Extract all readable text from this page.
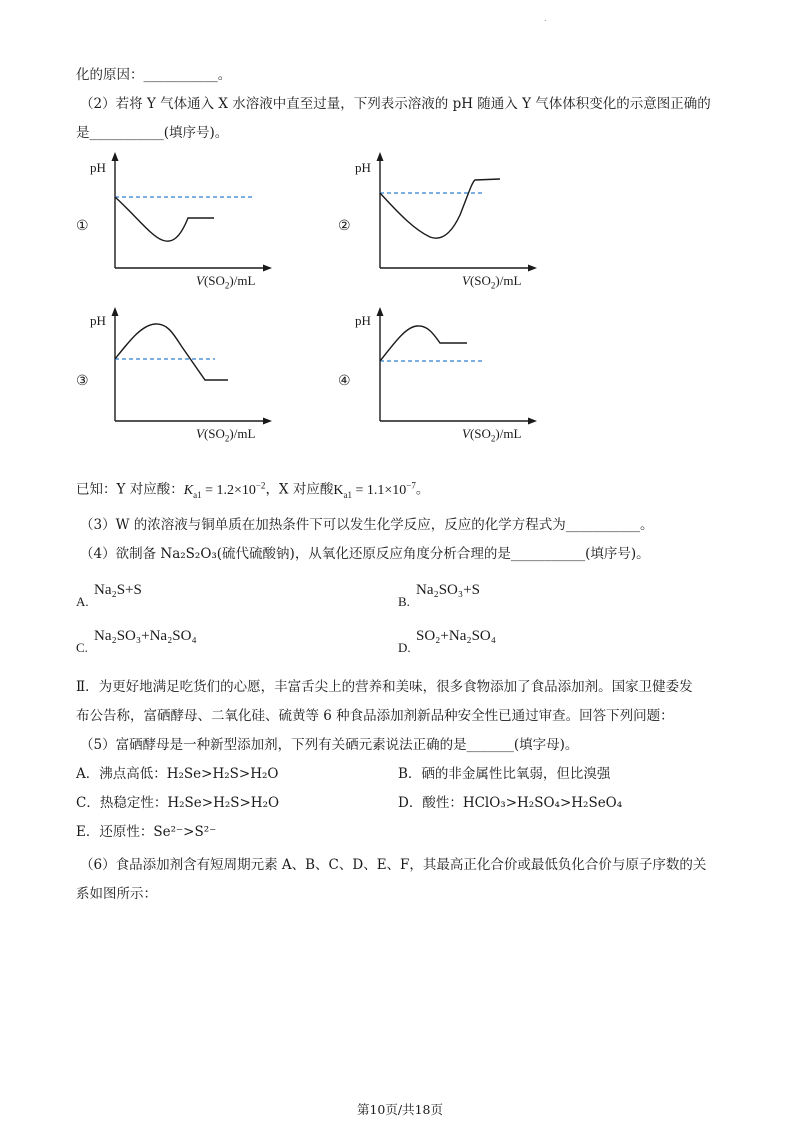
.
化的原因：___________。
（2）若将 Y 气体通入 X 水溶液中直至过量，下列表示溶液的 pH 随通入 Y 气体体积变化的示意图正确的
是___________(填序号)。
①
pH
$V(SO_2)/mL$
②
pH
$V(SO_2)/mL$
③
pH
$V(SO_2)/mL$
④
pH
$V(SO_2)/mL$
已知：Y 对应酸：$K_{a1} = 1.2\times 10^{-2}$，X 对应酸$K_{a1} = 1.1\times 10^{-7}$。
（3）W 的浓溶液与铜单质在加热条件下可以发生化学反应，反应的化学方程式为___________。
（4）欲制备 Na₂S₂O₃(硫代硫酸钠)，从氧化还原反应角度分析合理的是___________(填序号)。
A.
Na₂S+S
B.
Na₂SO₃+S
C.
Na₂SO₃+Na₂SO₄
D.
SO₂+Na₂SO₄
Ⅱ．为更好地满足吃货们的心愿，丰富舌尖上的营养和美味，很多食物添加了食品添加剂。国家卫健委发
布公告称，富硒酵母、二氧化硅、硫黄等 6 种食品添加剂新品种安全性已通过审查。回答下列问题：
（5）富硒酵母是一种新型添加剂，下列有关硒元素说法正确的是_______(填字母)。
A．沸点高低：H₂Se>H₂S>H₂O	B．硒的非金属性比氧弱，但比溴强
C．热稳定性：H₂Se>H₂S>H₂O	D．酸性：HClO₃>H₂SO₄>H₂SeO₄
E．还原性：Se²⁻>S²⁻
（6）食品添加剂含有短周期元素 A、B、C、D、E、F，其最高正化合价或最低负化合价与原子序数的关
系如图所示：
第10页/共18页
